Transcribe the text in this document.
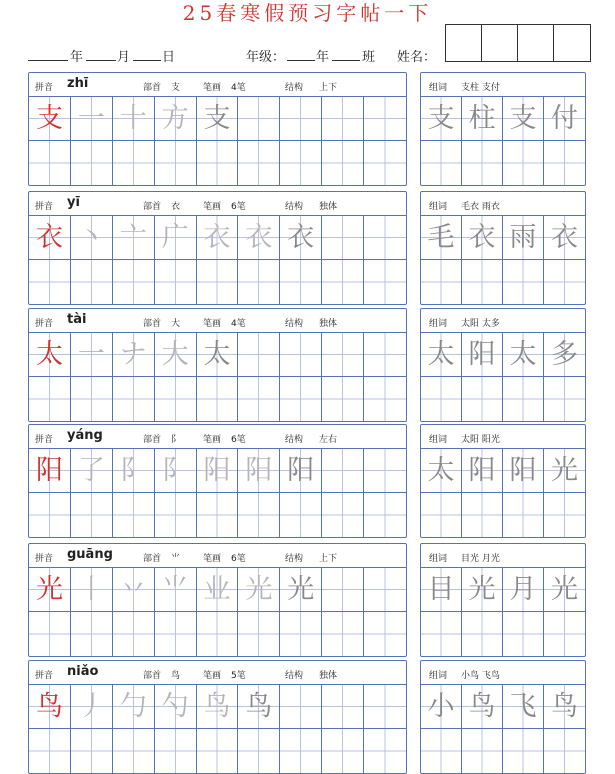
25春寒假预习字帖一下
年	月 日	年级： 年	班 姓名：
拼音 zhī	部首 支	笔画 4笔	结构 上下
支 一 十 方 支
组词 支柱 支付
支 柱 支 付
拼音 yī	部首 衣	笔画 6笔	结构 独体
衣 丶 亠 广 衣 衣 衣
组词 毛衣 雨衣
毛 衣 雨 衣
拼音 tài	部首 大	笔画 4笔	结构 独体
太 一 ナ 大 太
组词 太阳 太多
太 阳 太 多
拼音 yáng	部首 阝	笔画 6笔	结构 左右
阳 了 阝 阝 阳 阳 阳
组词 太阳 阳光
太 阳 阳 光
拼音 guāng	部首 ⺌	笔画 6笔	结构 上下
光 丨 丷 ⺌ 业 光 光
组词 目光 月光
目 光 月 光
拼音 niǎo	部首 鸟	笔画 5笔	结构 独体
鸟 丿 勹 勺 鸟 鸟
组词 小鸟 飞鸟
小 鸟 飞 鸟
